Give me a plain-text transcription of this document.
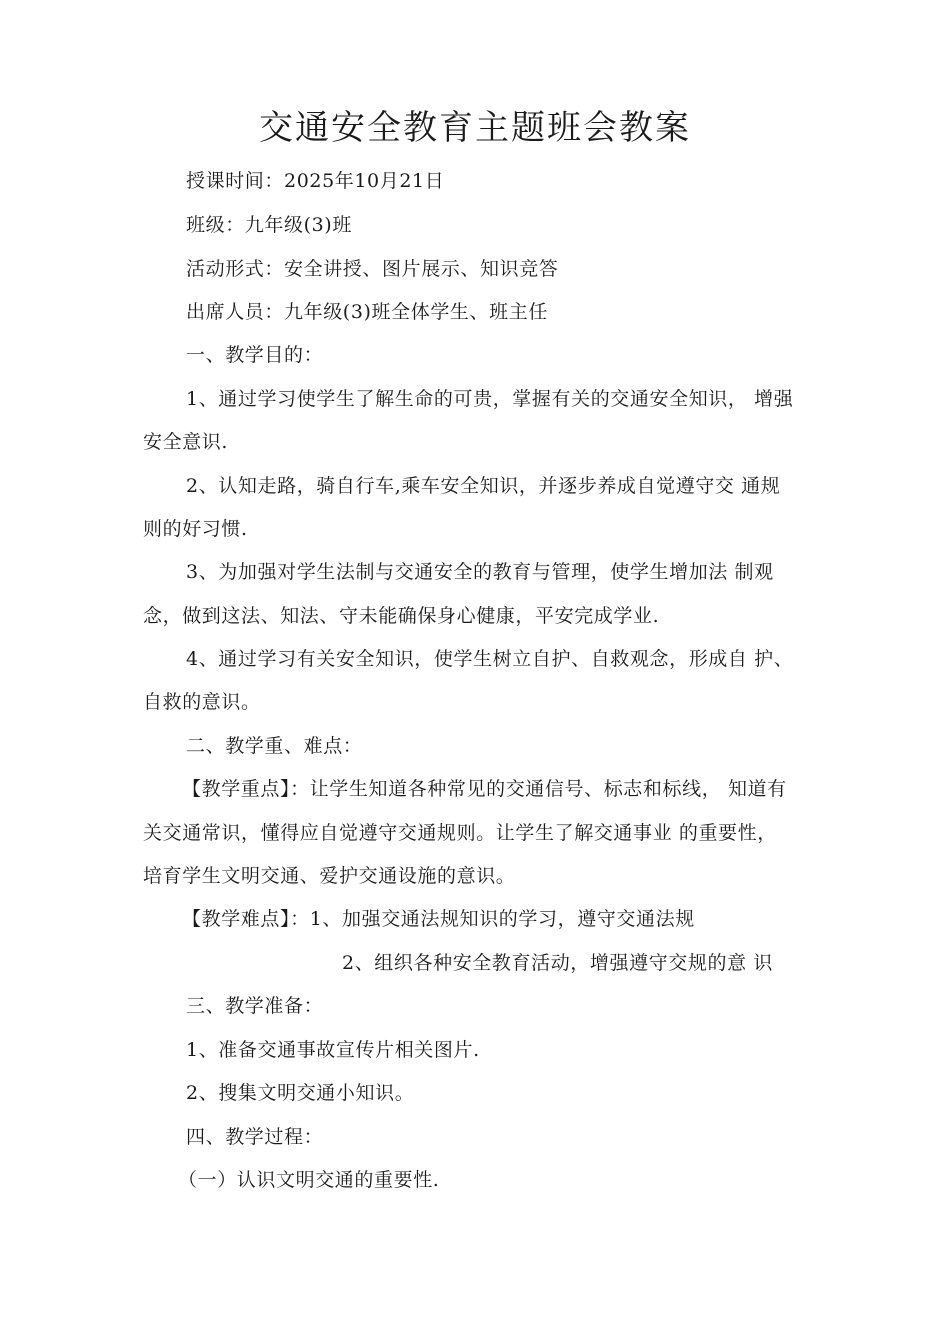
交通安全教育主题班会教案
授课时间：2025年10月21日
班级：九年级(3)班
活动形式：安全讲授、图片展示、知识竞答
出席人员：九年级(3)班全体学生、班主任
一、教学目的：
1、通过学习使学生了解生命的可贵，掌握有关的交通安全知识， 增强
安全意识.
2、认知走路，骑自行车,乘车安全知识，并逐步养成自觉遵守交 通规
则的好习惯.
3、为加强对学生法制与交通安全的教育与管理，使学生增加法 制观
念，做到这法、知法、守未能确保身心健康，平安完成学业.
4、通过学习有关安全知识，使学生树立自护、自救观念，形成自 护、
自救的意识。
二、教学重、难点：
【教学重点】：让学生知道各种常见的交通信号、标志和标线， 知道有
关交通常识，懂得应自觉遵守交通规则。让学生了解交通事业 的重要性，
培育学生文明交通、爱护交通设施的意识。
【教学难点】：1、加强交通法规知识的学习，遵守交通法规
2、组织各种安全教育活动，增强遵守交规的意 识
三、教学准备：
1、准备交通事故宣传片相关图片.
2、搜集文明交通小知识。
四、教学过程：
（一）认识文明交通的重要性.
